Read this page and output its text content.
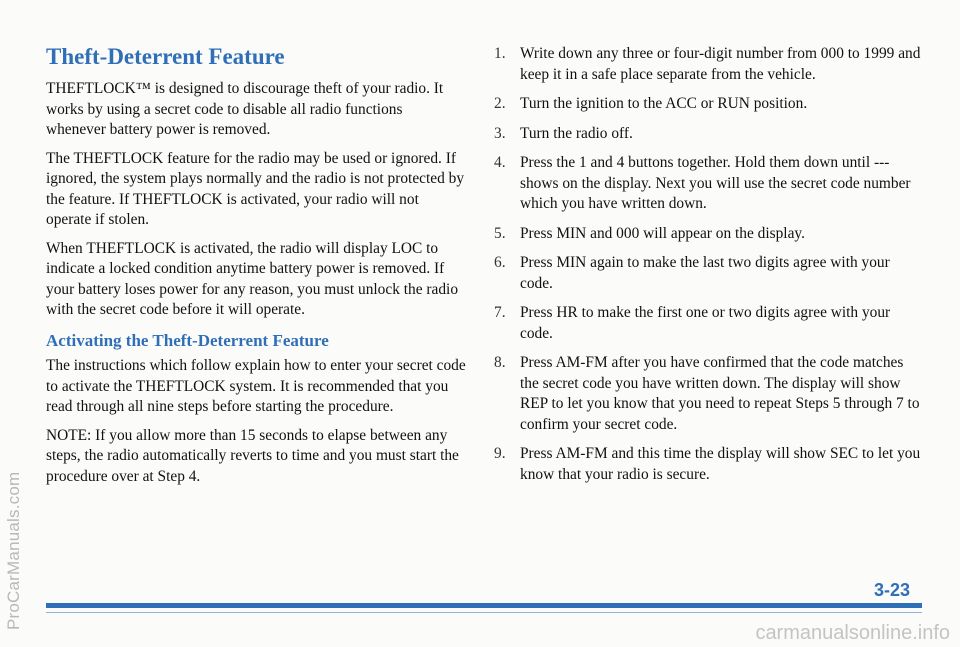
Theft-Deterrent Feature

THEFTLOCK™ is designed to discourage theft of your radio. It works by using a secret code to disable all radio functions whenever battery power is removed.

The THEFTLOCK feature for the radio may be used or ignored. If ignored, the system plays normally and the radio is not protected by the feature. If THEFTLOCK is activated, your radio will not operate if stolen.

When THEFTLOCK is activated, the radio will display LOC to indicate a locked condition anytime battery power is removed. If your battery loses power for any reason, you must unlock the radio with the secret code before it will operate.

Activating the Theft-Deterrent Feature

The instructions which follow explain how to enter your secret code to activate the THEFTLOCK system. It is recommended that you read through all nine steps before starting the procedure.

NOTE: If you allow more than 15 seconds to elapse between any steps, the radio automatically reverts to time and you must start the procedure over at Step 4.

1. Write down any three or four-digit number from 000 to 1999 and keep it in a safe place separate from the vehicle.
2. Turn the ignition to the ACC or RUN position.
3. Turn the radio off.
4. Press the 1 and 4 buttons together. Hold them down until --- shows on the display. Next you will use the secret code number which you have written down.
5. Press MIN and 000 will appear on the display.
6. Press MIN again to make the last two digits agree with your code.
7. Press HR to make the first one or two digits agree with your code.
8. Press AM-FM after you have confirmed that the code matches the secret code you have written down. The display will show REP to let you know that you need to repeat Steps 5 through 7 to confirm your secret code.
9. Press AM-FM and this time the display will show SEC to let you know that your radio is secure.
3-23
ProCarManuals.com
carmanualsonline.info
